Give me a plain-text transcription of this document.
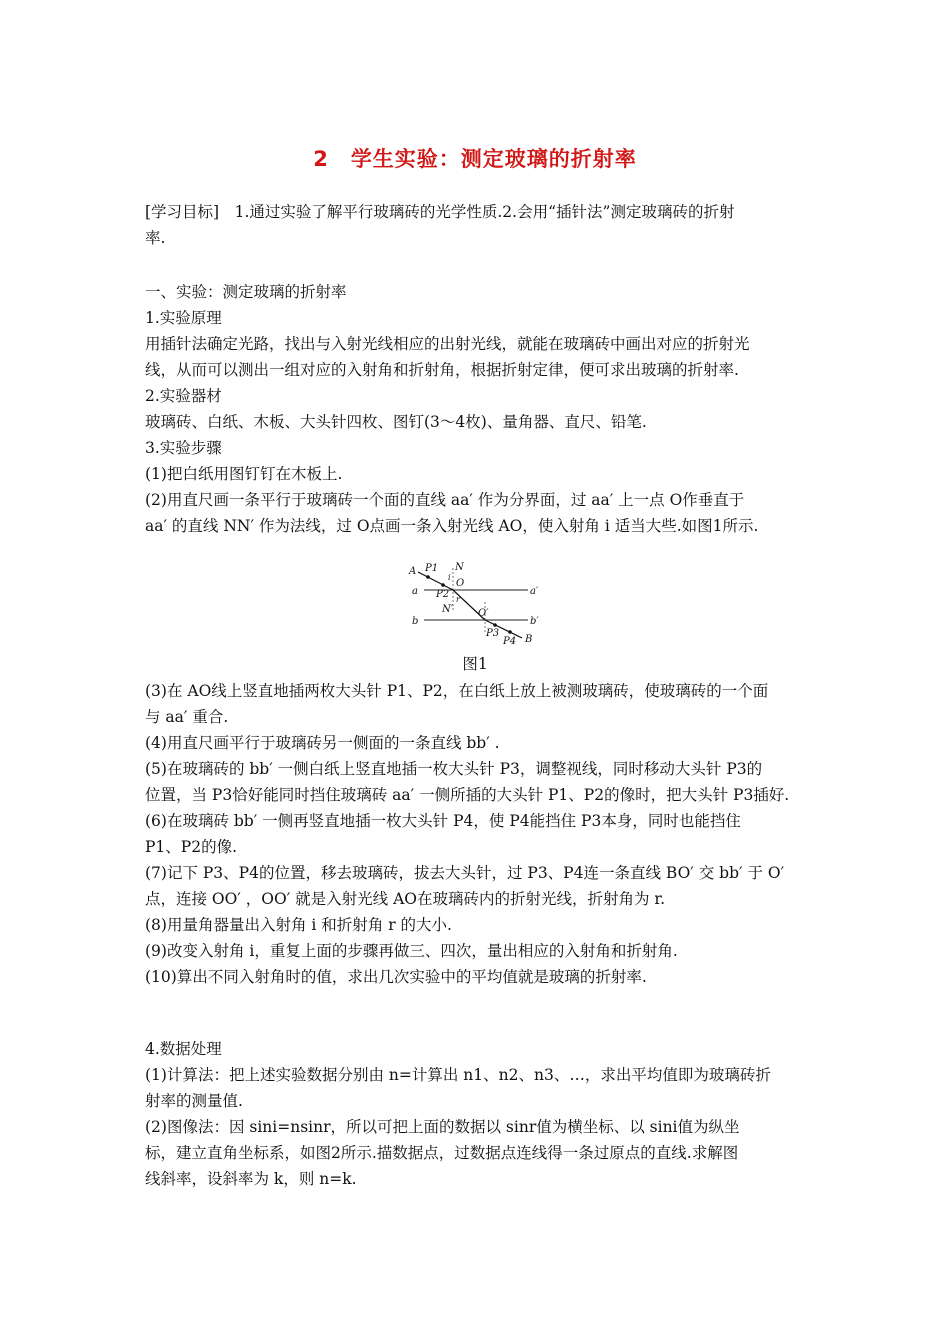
2 学生实验：测定玻璃的折射率
[学习目标]　1.通过实验了解平行玻璃砖的光学性质.2.会用“插针法”测定玻璃砖的折射
率.
一、实验：测定玻璃的折射率
1.实验原理
用插针法确定光路，找出与入射光线相应的出射光线，就能在玻璃砖中画出对应的折射光
线，从而可以测出一组对应的入射角和折射角，根据折射定律，便可求出玻璃的折射率.
2.实验器材
玻璃砖、白纸、木板、大头针四枚、图钉(3～4枚)、量角器、直尺、铅笔.
3.实验步骤
(1)把白纸用图钉钉在木板上.
(2)用直尺画一条平行于玻璃砖一个面的直线 aa′ 作为分界面，过 aa′ 上一点 O作垂直于
aa′ 的直线 NN′ 作为法线，过 O点画一条入射光线 AO，使入射角 i 适当大些.如图1所示.
A P1 N
O
a	a′
P2
i
r
N′ O′
b	b′
P3
P4 B
图1
(3)在 AO线上竖直地插两枚大头针 P1、P2，在白纸上放上被测玻璃砖，使玻璃砖的一个面
与 aa′ 重合.
(4)用直尺画平行于玻璃砖另一侧面的一条直线 bb′ .
(5)在玻璃砖的 bb′ 一侧白纸上竖直地插一枚大头针 P3，调整视线，同时移动大头针 P3的
位置，当 P3恰好能同时挡住玻璃砖 aa′ 一侧所插的大头针 P1、P2的像时，把大头针 P3插好.
(6)在玻璃砖 bb′ 一侧再竖直地插一枚大头针 P4，使 P4能挡住 P3本身，同时也能挡住
P1、P2的像.
(7)记下 P3、P4的位置，移去玻璃砖，拔去大头针，过 P3、P4连一条直线 BO′ 交 bb′ 于 O′
点，连接 OO′ ，OO′ 就是入射光线 AO在玻璃砖内的折射光线，折射角为 r.
(8)用量角器量出入射角 i 和折射角 r 的大小.
(9)改变入射角 i，重复上面的步骤再做三、四次，量出相应的入射角和折射角.
(10)算出不同入射角时的值，求出几次实验中的平均值就是玻璃的折射率.
4.数据处理
(1)计算法：把上述实验数据分别由 n=计算出 n1、n2、n3、…，求出平均值即为玻璃砖折
射率的测量值.
(2)图像法：因 sini=nsinr，所以可把上面的数据以 sinr值为横坐标、以 sini值为纵坐
标，建立直角坐标系，如图2所示.描数据点，过数据点连线得一条过原点的直线.求解图
线斜率，设斜率为 k，则 n=k.
